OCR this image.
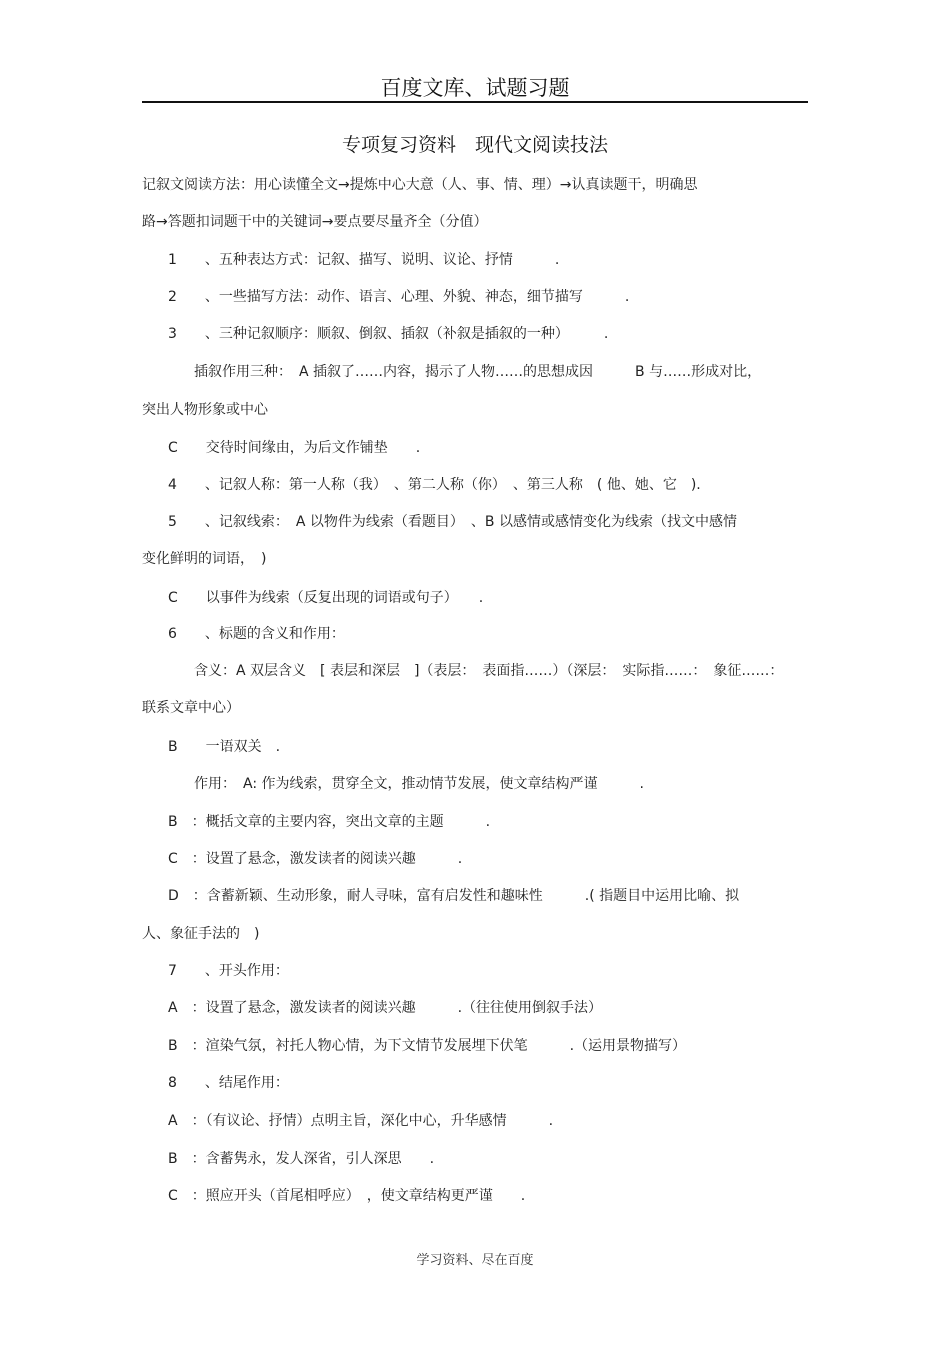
百度文库、试题习题
专项复习资料　现代文阅读技法
记叙文阅读方法：用心读懂全文→提炼中心大意（人、事、情、理）→认真读题干，明确思
路→答题扣词题干中的关键词→要点要尽量齐全（分值）
1　　、五种表达方式：记叙、描写、说明、议论、抒情　　　.
2　　、一些描写方法：动作、语言、心理、外貌、神态，细节描写　　　.
3　　、三种记叙顺序：顺叙、倒叙、插叙（补叙是插叙的一种）　　　.
插叙作用三种：　A 插叙了……内容，揭示了人物……的思想成因　　　B 与……形成对比，
突出人物形象或中心
C　　交待时间缘由，为后文作铺垫　　.
4　　、记叙人称：第一人称（我）　、第二人称（你）　、第三人称　( 他、她、它　).
5　　、记叙线索：　A 以物件为线索（看题目）　、B 以感情或感情变化为线索（找文中感情
变化鲜明的词语，　)
C　　以事件为线索（反复出现的词语或句子）　　.
6　　、标题的含义和作用：
含义：A 双层含义　[ 表层和深层　]（表层：　表面指……）（深层：　实际指……：　象征……：
联系文章中心）
B　　一语双关　.
作用：　A: 作为线索，贯穿全文，推动情节发展，使文章结构严谨　　　.
B　：概括文章的主要内容，突出文章的主题　　　.
C　：设置了悬念，激发读者的阅读兴趣　　　.
D　：含蓄新颖、生动形象，耐人寻味，富有启发性和趣味性　　　.( 指题目中运用比喻、拟
人、象征手法的　)
7　　、开头作用：
A　：设置了悬念，激发读者的阅读兴趣　　　.（往往使用倒叙手法）
B　：渲染气氛，衬托人物心情，为下文情节发展埋下伏笔　　　.（运用景物描写）
8　　、结尾作用：
A　：（有议论、抒情）点明主旨，深化中心，升华感情　　　.
B　：含蓄隽永，发人深省，引人深思　　.
C　：照应开头（首尾相呼应）　，使文章结构更严谨　　.
学习资料、尽在百度
